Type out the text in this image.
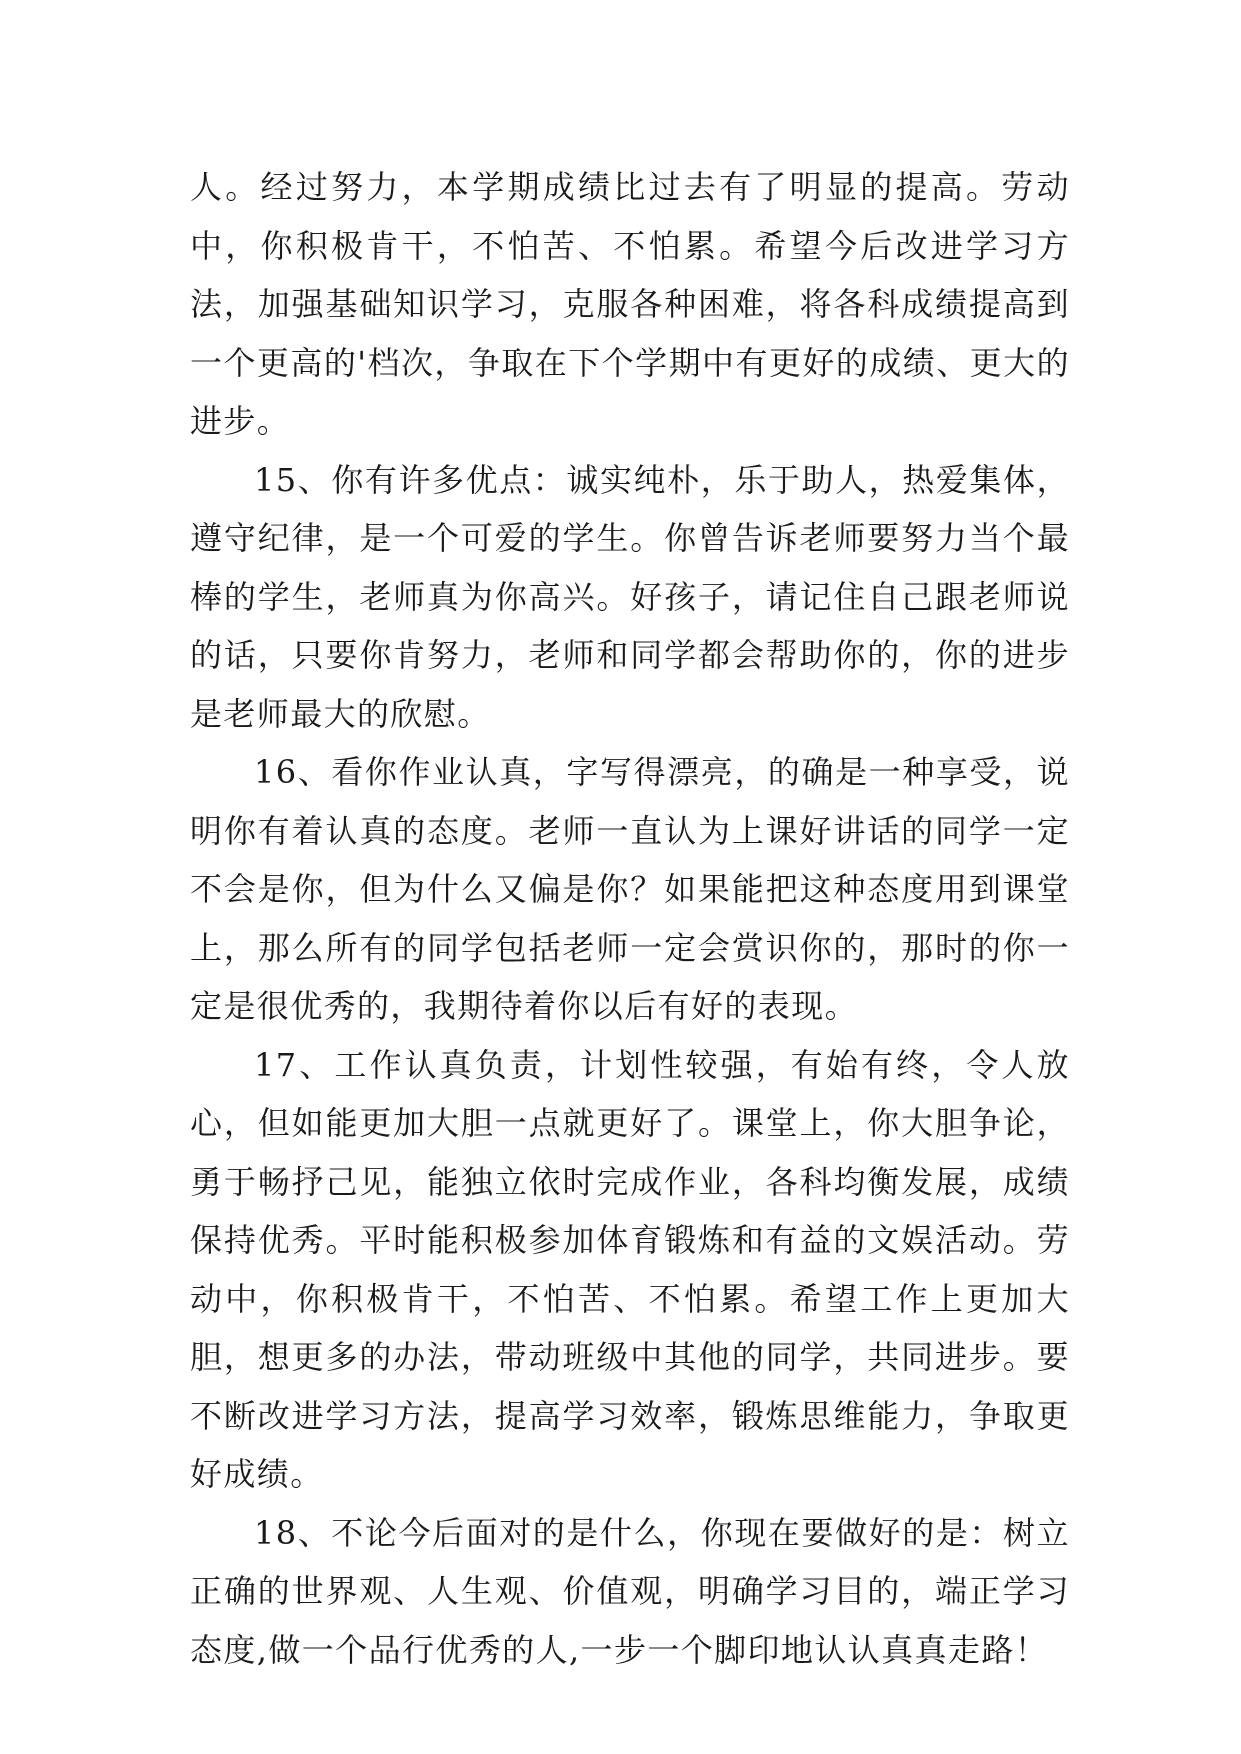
人。经过努力，本学期成绩比过去有了明显的提高。劳动中，你积极肯干，不怕苦、不怕累。希望今后改进学习方法，加强基础知识学习，克服各种困难，将各科成绩提高到一个更高的'档次，争取在下个学期中有更好的成绩、更大的进步。

15、你有许多优点：诚实纯朴，乐于助人，热爱集体，遵守纪律，是一个可爱的学生。你曾告诉老师要努力当个最棒的学生，老师真为你高兴。好孩子，请记住自己跟老师说的话，只要你肯努力，老师和同学都会帮助你的，你的进步是老师最大的欣慰。

16、看你作业认真，字写得漂亮，的确是一种享受，说明你有着认真的态度。老师一直认为上课好讲话的同学一定不会是你，但为什么又偏是你？如果能把这种态度用到课堂上，那么所有的同学包括老师一定会赏识你的，那时的你一定是很优秀的，我期待着你以后有好的表现。

17、工作认真负责，计划性较强，有始有终，令人放心，但如能更加大胆一点就更好了。课堂上，你大胆争论，勇于畅抒己见，能独立依时完成作业，各科均衡发展，成绩保持优秀。平时能积极参加体育锻炼和有益的文娱活动。劳动中，你积极肯干，不怕苦、不怕累。希望工作上更加大胆，想更多的办法，带动班级中其他的同学，共同进步。要不断改进学习方法，提高学习效率，锻炼思维能力，争取更好成绩。

18、不论今后面对的是什么，你现在要做好的是：树立正确的世界观、人生观、价值观，明确学习目的，端正学习态度,做一个品行优秀的人,一步一个脚印地认认真真走路！
